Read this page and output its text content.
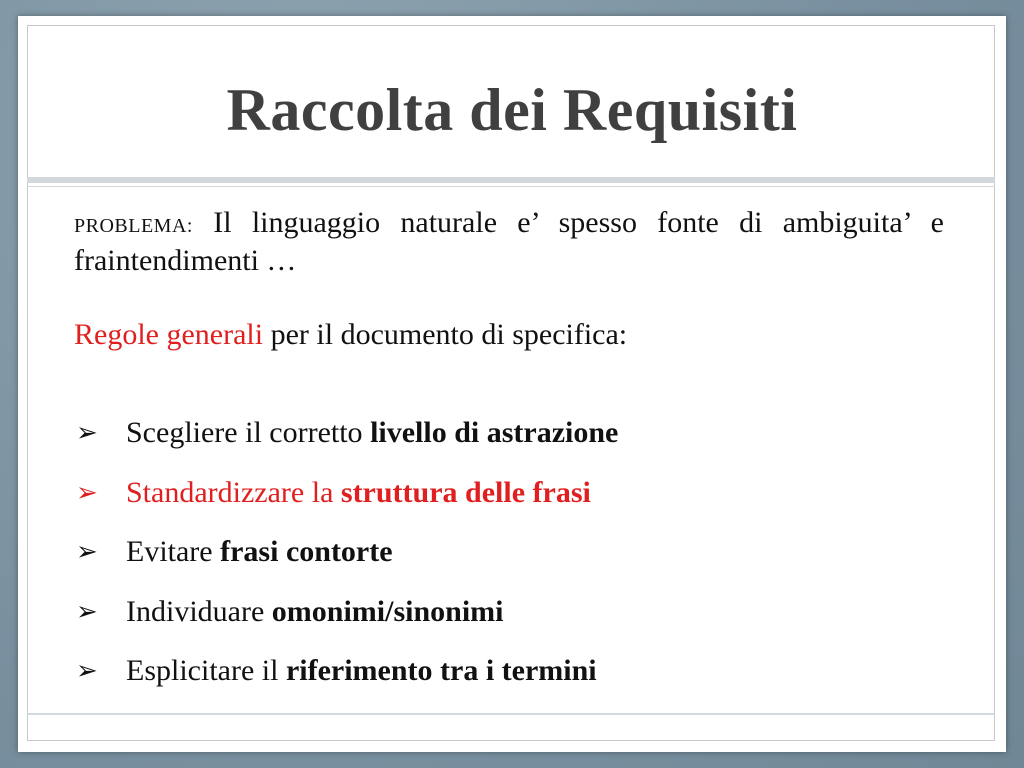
Raccolta dei Requisiti
PROBLEMA: Il linguaggio naturale e’ spesso fonte di ambiguita’ e fraintendimenti …
Regole generali per il documento di specifica:
➢ Scegliere il corretto livello di astrazione
➢ Standardizzare la struttura delle frasi
➢ Evitare frasi contorte
➢ Individuare omonimi/sinonimi
➢ Esplicitare il riferimento tra i termini
